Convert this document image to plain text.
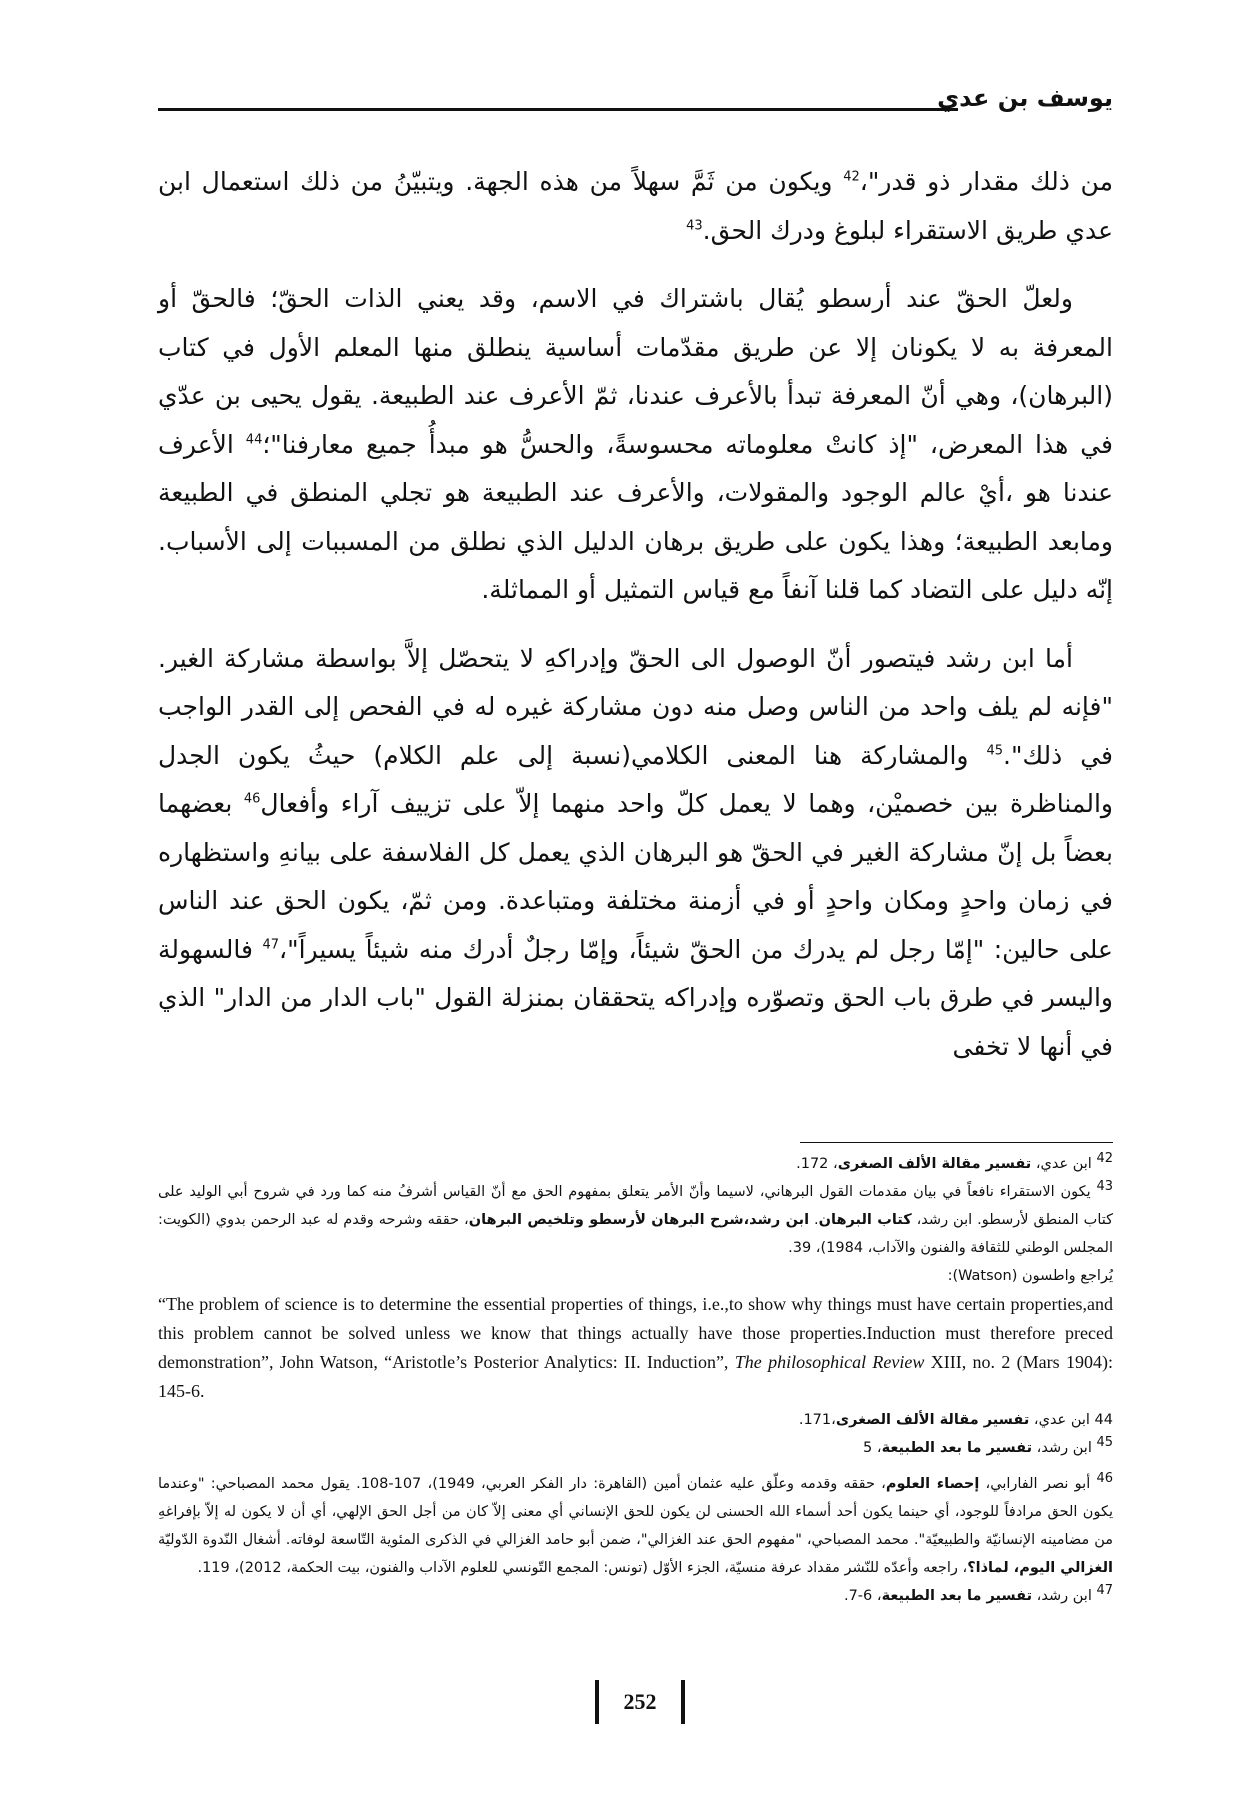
يوسف بن عدي

من ذلك مقدار ذو قدر"،$^{42}$ ويكون من ثَمَّ سهلاً من هذه الجهة. ويتبيّنُ من ذلك استعمال ابن عدي طريق الاستقراء لبلوغ ودرك الحق.$^{43}$

ولعلّ الحقّ عند أرسطو يُقال باشتراك في الاسم، وقد يعني الذات الحقّ؛ فالحقّ أو المعرفة به لا يكونان إلا عن طريق مقدّمات أساسية ينطلق منها المعلم الأول في كتاب (البرهان)، وهي أنّ المعرفة تبدأ بالأعرف عندنا، ثمّ الأعرف عند الطبيعة. يقول يحيى بن عدّي في هذا المعرض، "إذ كانتْ معلوماته محسوسةً، والحسُّ هو مبدأُ جميع معارفنا"؛$^{44}$ الأعرف عندنا هو ،أيْ عالم الوجود والمقولات، والأعرف عند الطبيعة هو تجلي المنطق في الطبيعة ومابعد الطبيعة؛ وهذا يكون على طريق برهان الدليل الذي نطلق من المسببات إلى الأسباب. إنّه دليل على التضاد كما قلنا آنفاً مع قياس التمثيل أو المماثلة.

أما ابن رشد فيتصور أنّ الوصول الى الحقّ وإدراكهِ لا يتحصّل إلاَّ بواسطة مشاركة الغير. "فإنه لم يلف واحد من الناس وصل منه دون مشاركة غيره له في الفحص إلى القدر الواجب في ذلك".$^{45}$ والمشاركة هنا المعنى الكلامي(نسبة إلى علم الكلام) حيثُ يكون الجدل والمناظرة بين خصميْن، وهما لا يعمل كلّ واحد منهما إلاّ على تزييف آراء وأفعال$^{46}$ بعضهما بعضاً بل إنّ مشاركة الغير في الحقّ هو البرهان الذي يعمل كل الفلاسفة على بيانهِ واستظهاره في زمان واحدٍ ومكان واحدٍ أو في أزمنة مختلفة ومتباعدة. ومن ثمّ، يكون الحق عند الناس على حالين: "إمّا رجل لم يدرك من الحقّ شيئاً، وإمّا رجلٌ أدرك منه شيئاً يسيراً"،$^{47}$ فالسهولة واليسر في طرق باب الحق وتصوّره وإدراكه يتحققان بمنزلة القول "باب الدار من الدار" الذي في أنها لا تخفى

$^{42}$ ابن عدي، تفسير مقالة الألف الصغرى، 172.

$^{43}$ يكون الاستقراء نافعاً في بيان مقدمات القول البرهاني، لاسيما وأنّ الأمر يتعلق بمفهوم الحق مع أنّ القياس أشرفُ منه كما ورد في شروح أبي الوليد على كتاب المنطق لأرسطو. ابن رشد، كتاب البرهان. ابن رشد،شرح البرهان لأرسطو وتلخيص البرهان، حققه وشرحه وقدم له عبد الرحمن بدوي (الكويت: المجلس الوطني للثقافة والفنون والآداب، 1984)، 39.

يُراجع واطسون (Watson):

“The problem of science is to determine the essential properties of things, i.e.,to show why things must have certain properties,and this problem cannot be solved unless we know that things actually have those properties.Induction must therefore preced demonstration”, John Watson, “Aristotle’s Posterior Analytics: II. Induction”, The philosophical Review XIII, no. 2 (Mars 1904): 145-6.

44 ابن عدي، تفسير مقالة الألف الصغرى،171.

$^{45}$ ابن رشد، تفسير ما بعد الطبيعة، 5

$^{46}$ أبو نصر الفارابي، إحصاء العلوم، حققه وقدمه وعلّق عليه عثمان أمين (القاهرة: دار الفكر العربي، 1949)، 107-108. يقول محمد المصباحي: "وعندما يكون الحق مرادفاً للوجود، أي حينما يكون أحد أسماء الله الحسنى لن يكون للحق الإنساني أي معنى إلاّ كان من أجل الحق الإلهي، أي أن لا يكون له إلاّ بإفراغهِ من مضامينه الإنسانيّة والطبيعيّة". محمد المصباحي، "مفهوم الحق عند الغزالي"، ضمن أبو حامد الغزالي في الذكرى المئوية التّاسعة لوفاته. أشغال النّدوة الدّوليّة الغزالي اليوم، لماذا؟، راجعه وأعدّه للنّشر مقداد عرفة منسيّة، الجزء الأوّل (تونس: المجمع التّونسي للعلوم الآداب والفنون، بيت الحكمة، 2012)، 119.

$^{47}$ ابن رشد، تفسير ما بعد الطبيعة، 6-7.

252
